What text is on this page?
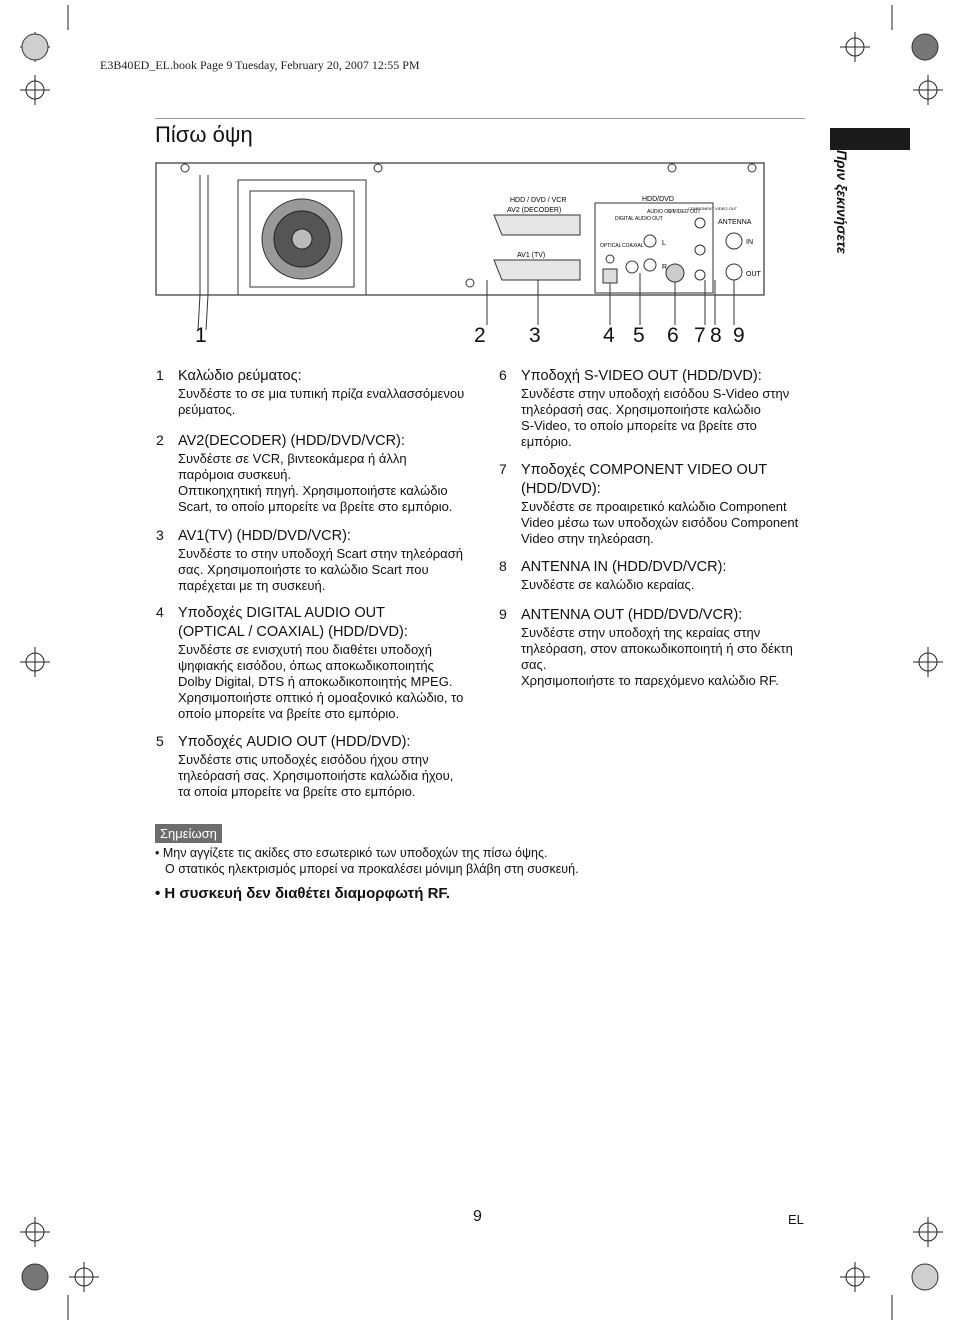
E3B40ED_EL.book Page 9 Tuesday, February 20, 2007 12:55 PM
Πίσω όψη
Πριν ξεκινήσετε
HDD / DVD / VCR
AV2 (DECODER)
AV1 (TV)
HDD/DVD
OPTICAL COAXIAL	L
R
ANTENNA
IN
OUT
DIGITAL AUDIO OUT
AUDIO OUT
S-VIDEO OUT
COMPONENT VIDEO OUT
1	2 3	4 5 6 7 8 9
1 Καλώδιο ρεύματος:
Συνδέστε το σε μια τυπική πρίζα εναλλασσόμενου
ρεύματος.
2 AV2(DECODER) (HDD/DVD/VCR):
Συνδέστε σε VCR, βιντεοκάμερα ή άλλη
παρόμοια συσκευή.
Οπτικοηχητική πηγή. Χρησιμοποιήστε καλώδιο
Scart, το οποίο μπορείτε να βρείτε στο εμπόριο.
3 AV1(TV) (HDD/DVD/VCR):
Συνδέστε το στην υποδοχή Scart στην τηλεόρασή
σας. Χρησιμοποιήστε το καλώδιο Scart που
παρέχεται με τη συσκευή.
4 Υποδοχές DIGITAL AUDIO OUT
(OPTICAL / COAXIAL) (HDD/DVD):
Συνδέστε σε ενισχυτή που διαθέτει υποδοχή
ψηφιακής εισόδου, όπως αποκωδικοποιητής
Dolby Digital, DTS ή αποκωδικοποιητής MPEG.
Χρησιμοποιήστε οπτικό ή ομοαξονικό καλώδιο, το
οποίο μπορείτε να βρείτε στο εμπόριο.
5 Υποδοχές AUDIO OUT (HDD/DVD):
Συνδέστε στις υποδοχές εισόδου ήχου στην
τηλεόρασή σας. Χρησιμοποιήστε καλώδια ήχου,
τα οποία μπορείτε να βρείτε στο εμπόριο.
6 Υποδοχή S-VIDEO OUT (HDD/DVD):
Συνδέστε στην υποδοχή εισόδου S-Video στην
τηλεόρασή σας. Χρησιμοποιήστε καλώδιο
S-Video, το οποίο μπορείτε να βρείτε στο
εμπόριο.
7 Υποδοχές COMPONENT VIDEO OUT
(HDD/DVD):
Συνδέστε σε προαιρετικό καλώδιο Component
Video μέσω των υποδοχών εισόδου Component
Video στην τηλεόραση.
8 ANTENNA IN (HDD/DVD/VCR):
Συνδέστε σε καλώδιο κεραίας.
9 ANTENNA OUT (HDD/DVD/VCR):
Συνδέστε στην υποδοχή της κεραίας στην
τηλεόραση, στον αποκωδικοποιητή ή στο δέκτη
σας.
Χρησιμοποιήστε το παρεχόμενο καλώδιο RF.
Σημείωση
• Μην αγγίζετε τις ακίδες στο εσωτερικό των υποδοχών της πίσω όψης.
Ο στατικός ηλεκτρισμός μπορεί να προκαλέσει μόνιμη βλάβη στη συσκευή.
• Η συσκευή δεν διαθέτει διαμορφωτή RF.
9	EL
